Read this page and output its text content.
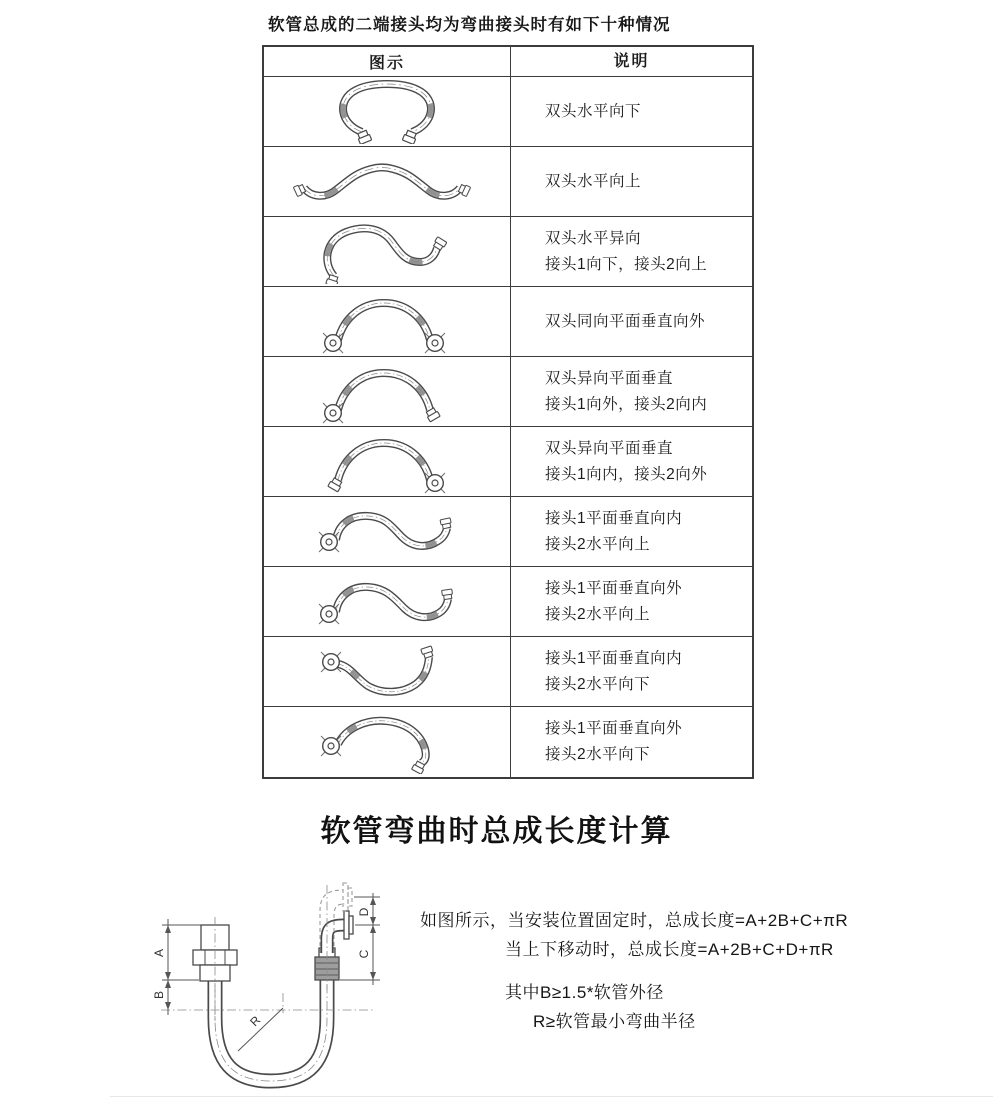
软管总成的二端接头均为弯曲接头时有如下十种情况
图示	说明
双头水平向下
双头水平向上
双头水平异向
接头1向下，接头2向上
双头同向平面垂直向外
双头异向平面垂直
接头1向外，接头2向内
双头异向平面垂直
接头1向内，接头2向外
接头1平面垂直向内
接头2水平向上
接头1平面垂直向外
接头2水平向上
接头1平面垂直向内
接头2水平向下
接头1平面垂直向外
接头2水平向下
软管弯曲时总成长度计算
R
A
B
D
C
如图所示，当安装位置固定时，总成长度=A+2B+C+πR
当上下移动时，总成长度=A+2B+C+D+πR
其中B≥1.5*软管外径
R≥软管最小弯曲半径
